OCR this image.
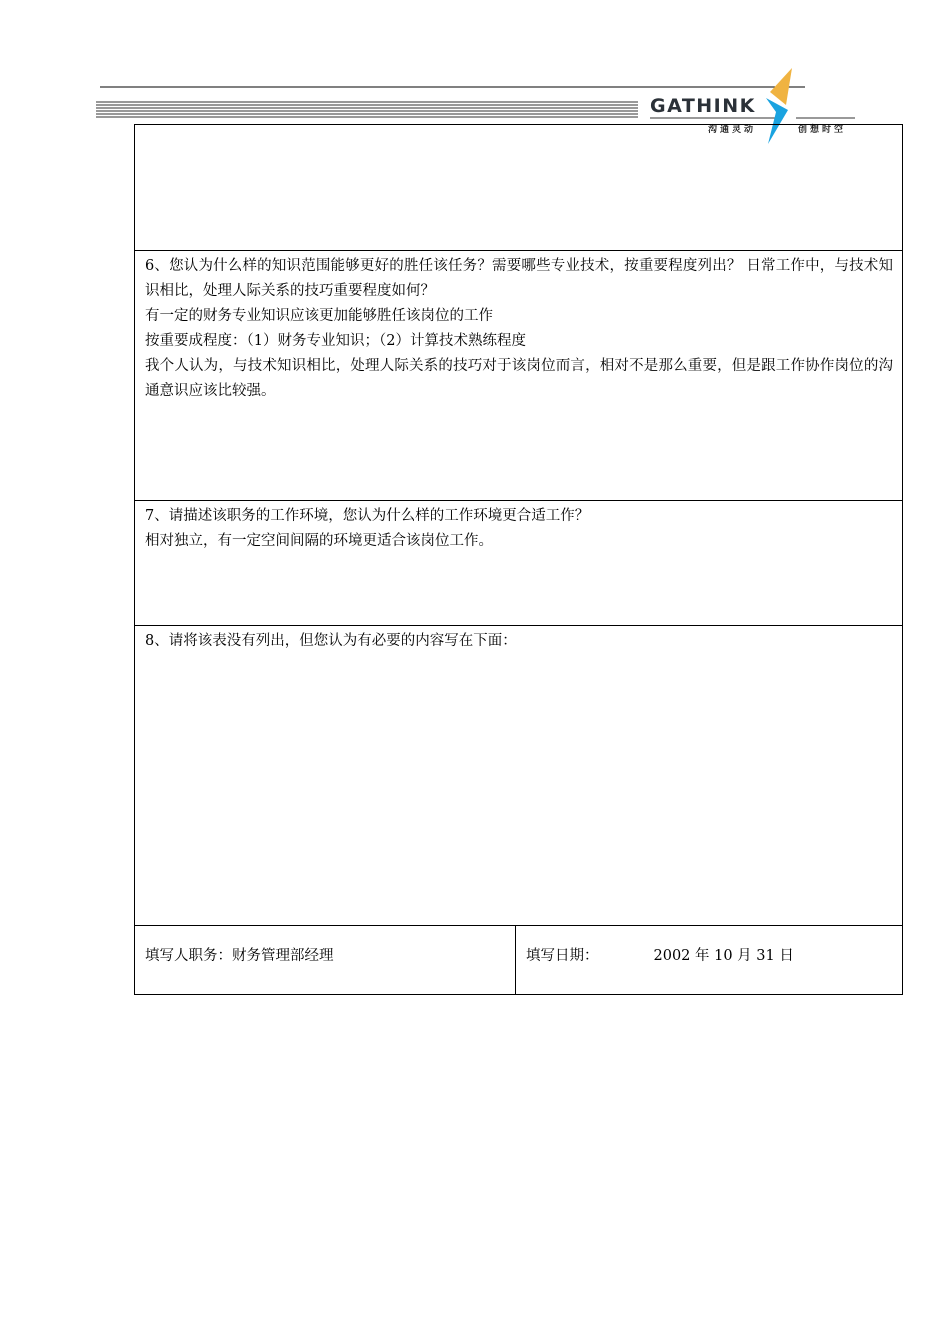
GATHINK
沟通灵动	创想时空

6、您认为什么样的知识范围能够更好的胜任该任务？需要哪些专业技术，按重要程度列出？ 日常工作中，与技术知识相比，处理人际关系的技巧重要程度如何？

有一定的财务专业知识应该更加能够胜任该岗位的工作

按重要成程度：（1）财务专业知识；（2）计算技术熟练程度

我个人认为，与技术知识相比，处理人际关系的技巧对于该岗位而言，相对不是那么重要，但是跟工作协作岗位的沟通意识应该比较强。

7、请描述该职务的工作环境，您认为什么样的工作环境更合适工作？

相对独立，有一定空间间隔的环境更适合该岗位工作。

8、请将该表没有列出，但您认为有必要的内容写在下面：

填写人职务：财务管理部经理	填写日期：	2002 年 10 月 31 日
